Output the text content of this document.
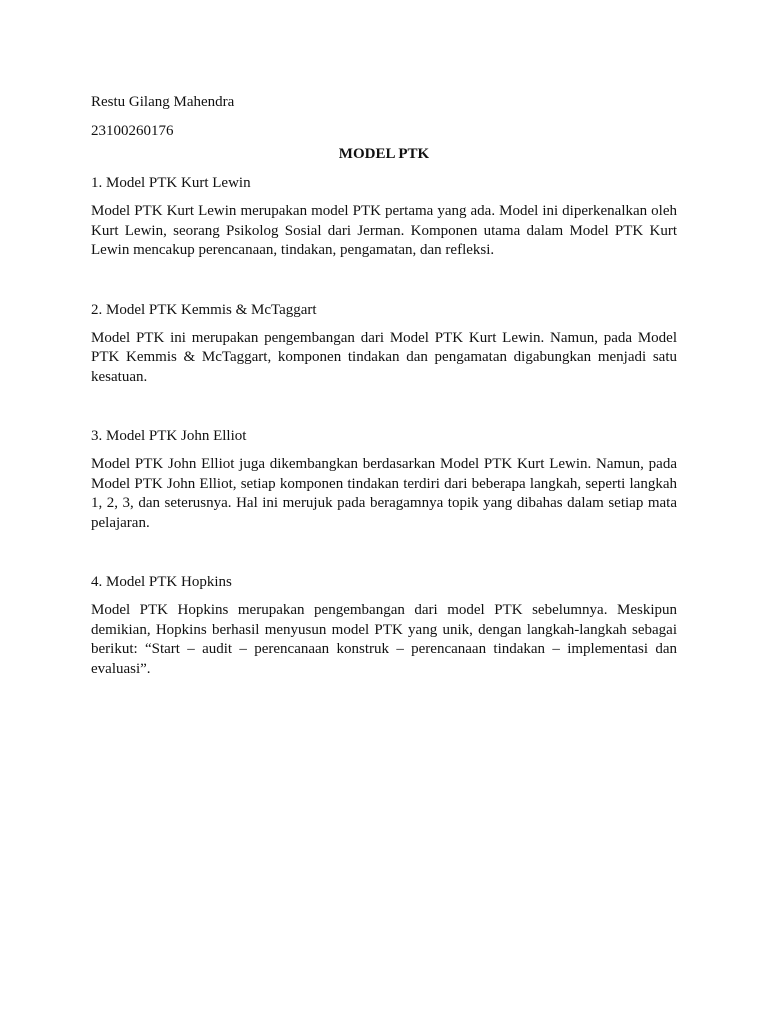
Restu Gilang Mahendra

23100260176

MODEL PTK

1. Model PTK Kurt Lewin

Model PTK Kurt Lewin merupakan model PTK pertama yang ada. Model ini diperkenalkan oleh Kurt Lewin, seorang Psikolog Sosial dari Jerman. Komponen utama dalam Model PTK Kurt Lewin mencakup perencanaan, tindakan, pengamatan, dan refleksi.

2. Model PTK Kemmis & McTaggart

Model PTK ini merupakan pengembangan dari Model PTK Kurt Lewin. Namun, pada Model PTK Kemmis & McTaggart, komponen tindakan dan pengamatan digabungkan menjadi satu kesatuan.

3. Model PTK John Elliot

Model PTK John Elliot juga dikembangkan berdasarkan Model PTK Kurt Lewin. Namun, pada Model PTK John Elliot, setiap komponen tindakan terdiri dari beberapa langkah, seperti langkah 1, 2, 3, dan seterusnya. Hal ini merujuk pada beragamnya topik yang dibahas dalam setiap mata pelajaran.

4. Model PTK Hopkins

Model PTK Hopkins merupakan pengembangan dari model PTK sebelumnya. Meskipun demikian, Hopkins berhasil menyusun model PTK yang unik, dengan langkah-langkah sebagai berikut: “Start – audit – perencanaan konstruk – perencanaan tindakan – implementasi dan evaluasi”.
